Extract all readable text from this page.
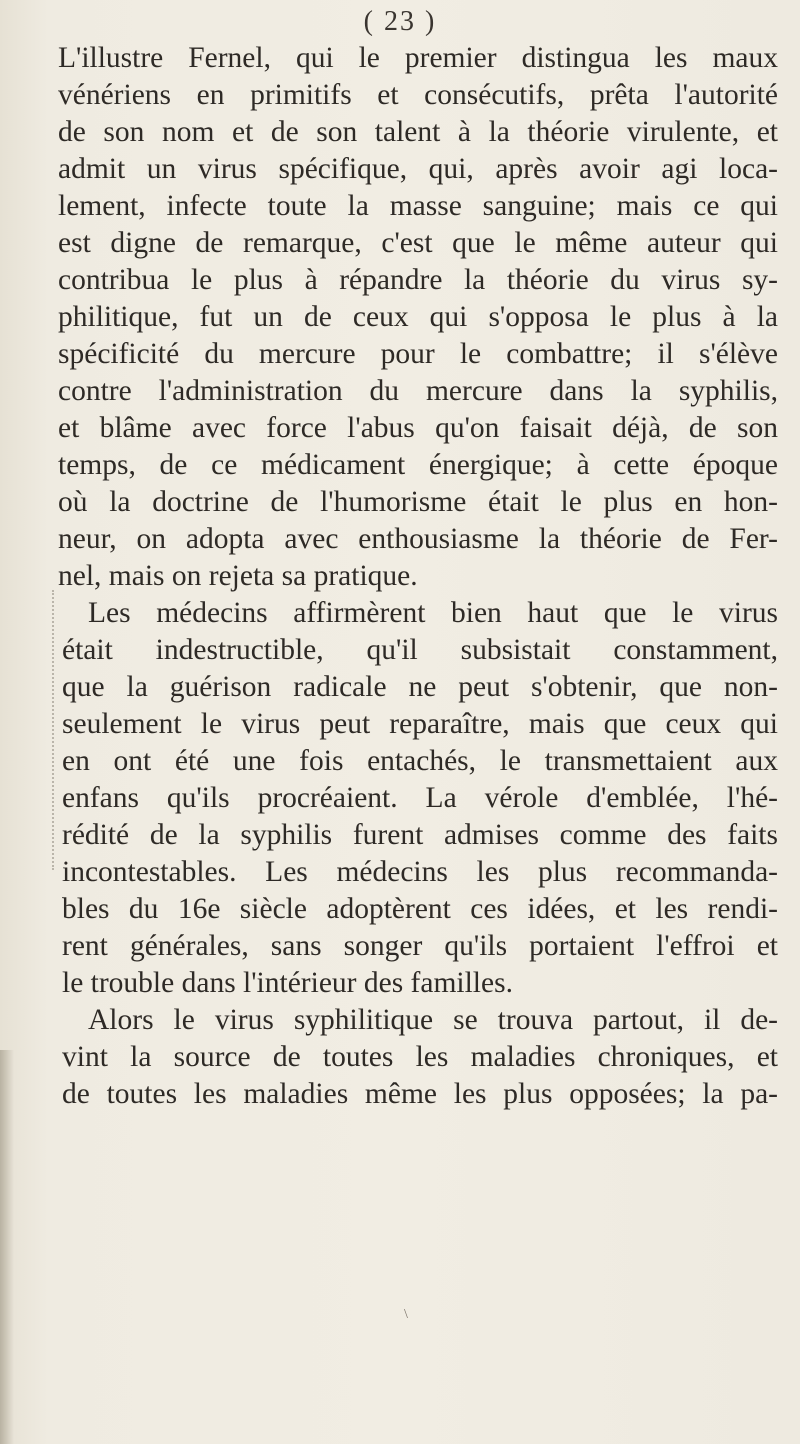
( 23 )
L'illustre Fernel, qui le premier distingua les maux
vénériens en primitifs et consécutifs, prêta l'autorité
de son nom et de son talent à la théorie virulente, et
admit un virus spécifique, qui, après avoir agi loca-
lement, infecte toute la masse sanguine; mais ce qui
est digne de remarque, c'est que le même auteur qui
contribua le plus à répandre la théorie du virus sy-
philitique, fut un de ceux qui s'opposa le plus à la
spécificité du mercure pour le combattre; il s'élève
contre l'administration du mercure dans la syphilis,
et blâme avec force l'abus qu'on faisait déjà, de son
temps, de ce médicament énergique; à cette époque
où la doctrine de l'humorisme était le plus en hon-
neur, on adopta avec enthousiasme la théorie de Fer-
nel, mais on rejeta sa pratique.
Les médecins affirmèrent bien haut que le virus
était indestructible, qu'il subsistait constamment,
que la guérison radicale ne peut s'obtenir, que non-
seulement le virus peut reparaître, mais que ceux qui
en ont été une fois entachés, le transmettaient aux
enfans qu'ils procréaient. La vérole d'emblée, l'hé-
rédité de la syphilis furent admises comme des faits
incontestables. Les médecins les plus recommanda-
bles du 16e siècle adoptèrent ces idées, et les rendi-
rent générales, sans songer qu'ils portaient l'effroi et
le trouble dans l'intérieur des familles.
Alors le virus syphilitique se trouva partout, il de-
vint la source de toutes les maladies chroniques, et
de toutes les maladies même les plus opposées; la pa-
\
